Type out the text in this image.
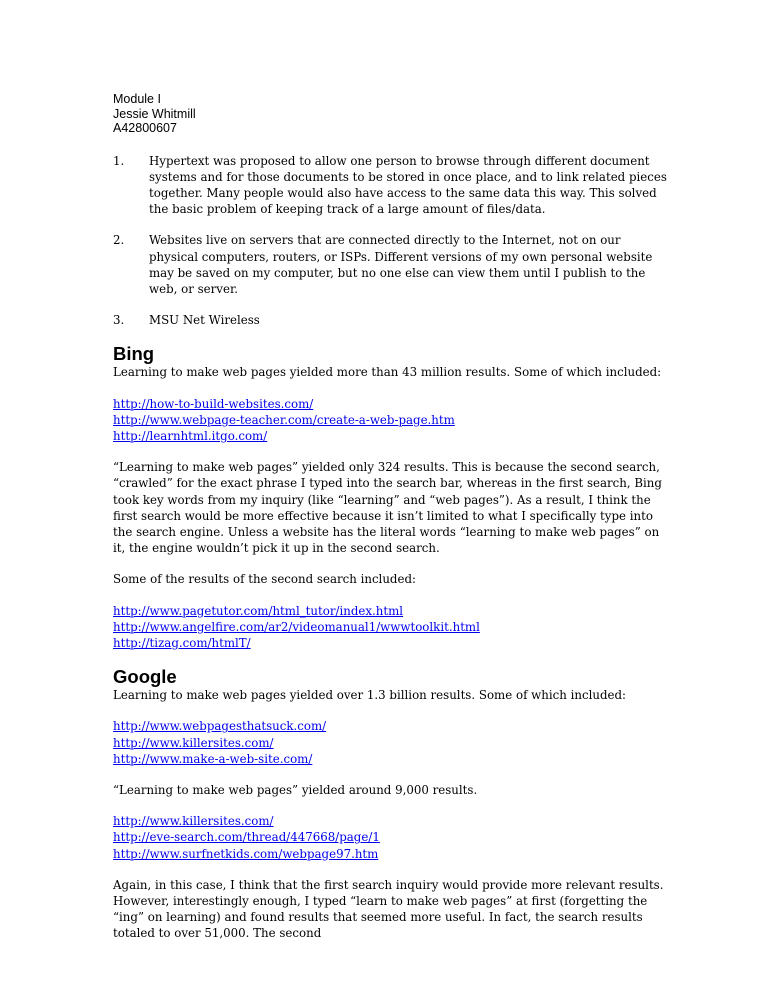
Module I
Jessie Whitmill
A42800607
1. Hypertext was proposed to allow one person to browse through different document systems and for those documents to be stored in once place, and to link related pieces together. Many people would also have access to the same data this way. This solved the basic problem of keeping track of a large amount of files/data.
2. Websites live on servers that are connected directly to the Internet, not on our physical computers, routers, or ISPs. Different versions of my own personal website may be saved on my computer, but no one else can view them until I publish to the web, or server.
3. MSU Net Wireless
Bing

Learning to make web pages yielded more than 43 million results. Some of which included:

http://how-to-build-websites.com/
http://www.webpage-teacher.com/create-a-web-page.htm
http://learnhtml.itgo.com/

“Learning to make web pages” yielded only 324 results. This is because the second search, “crawled” for the exact phrase I typed into the search bar, whereas in the first search, Bing took key words from my inquiry (like “learning” and “web pages”). As a result, I think the first search would be more effective because it isn’t limited to what I specifically type into the search engine. Unless a website has the literal words “learning to make web pages” on it, the engine wouldn’t pick it up in the second search.

Some of the results of the second search included:

http://www.pagetutor.com/html_tutor/index.html
http://www.angelfire.com/ar2/videomanual1/wwwtoolkit.html
http://tizag.com/htmlT/
Google

Learning to make web pages yielded over 1.3 billion results. Some of which included:

http://www.webpagesthatsuck.com/
http://www.killersites.com/
http://www.make-a-web-site.com/

“Learning to make web pages” yielded around 9,000 results.

http://www.killersites.com/
http://eve-search.com/thread/447668/page/1
http://www.surfnetkids.com/webpage97.htm

Again, in this case, I think that the first search inquiry would provide more relevant results. However, interestingly enough, I typed “learn to make web pages” at first (forgetting the “ing” on learning) and found results that seemed more useful. In fact, the search results totaled to over 51,000. The second
